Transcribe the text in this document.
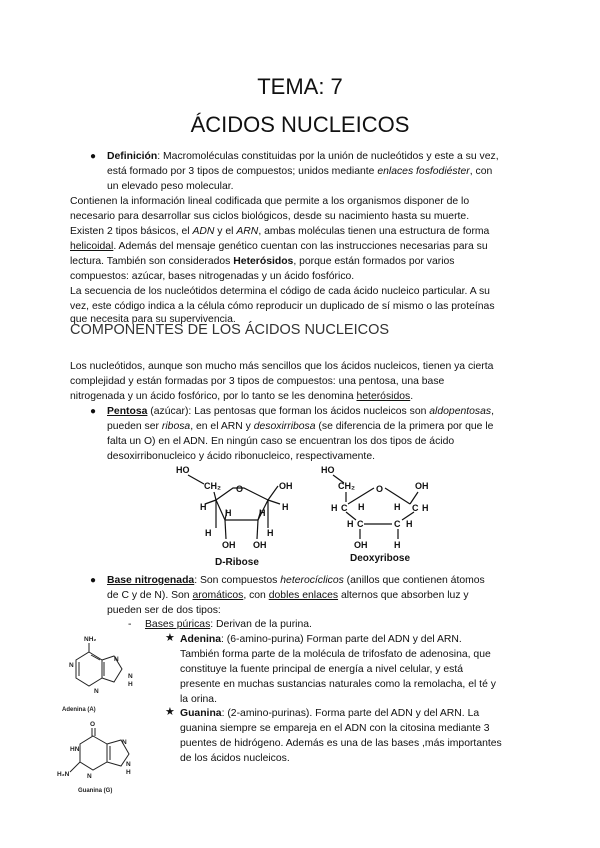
TEMA: 7
ÁCIDOS NUCLEICOS
● Definición: Macromoléculas constituidas por la unión de nucleótidos y este a su vez,

está formado por 3 tipos de compuestos; unidos mediante enlaces fosfodiéster, con

un elevado peso molecular.

Contienen la información lineal codificada que permite a los organismos disponer de lo

necesario para desarrollar sus ciclos biológicos, desde su nacimiento hasta su muerte.

Existen 2 tipos básicos, el ADN y el ARN, ambas moléculas tienen una estructura de forma

helicoidal. Además del mensaje genético cuentan con las instrucciones necesarias para su

lectura. También son considerados Heterósidos, porque están formados por varios

compuestos: azúcar, bases nitrogenadas y un ácido fosfórico.

La secuencia de los nucleótidos determina el código de cada ácido nucleico particular. A su

vez, este código indica a la célula cómo reproducir un duplicado de sí mismo o las proteínas

que necesita para su supervivencia.

COMPONENTES DE LOS ÁCIDOS NUCLEICOS

Los nucleótidos, aunque son mucho más sencillos que los ácidos nucleicos, tienen ya cierta

complejidad y están formadas por 3 tipos de compuestos: una pentosa, una base

nitrogenada y un ácido fosfórico, por lo tanto se les denomina heterósidos.

● Pentosa (azúcar): Las pentosas que forman los ácidos nucleicos son aldopentosas,

pueden ser ribosa, en el ARN y desoxirribosa (se diferencia de la primera por que le

falta un O) en el ADN. En ningún caso se encuentran los dos tipos de ácido

desoxirribonucleico y ácido ribonucleico, respectivamente.

HO
CH₂ O	OH
H
H	H
H
H	H
OH OH
D-Ribose
HO
CH₂ O	OH
H C H	H C H
H C	C H
OH	H
Deoxyribose
● Base nitrogenada: Son compuestos heterocíclicos (anillos que contienen átomos

de C y de N). Son aromáticos, con dobles enlaces alternos que absorben luz y

pueden ser de dos tipos:

- Bases púricas: Derivan de la purina.

★ Adenina: (6-amino-purina) Forman parte del ADN y del ARN.

También forma parte de la molécula de trifosfato de adenosina, que

constituye la fuente principal de energía a nivel celular, y está

presente en muchas sustancias naturales como la remolacha, el té y

la orina.

★ Guanina: (2-amino-purinas). Forma parte del ADN y del ARN. La

guanina siempre se empareja en el ADN con la citosina mediante 3

puentes de hidrógeno. Además es una de las bases ,más importantes

de los ácidos nucleicos.

NH₂
N
N
N
H
N
Adenina (A)
O
N
HN
N
H
H₂N	N
Guanina (G)
